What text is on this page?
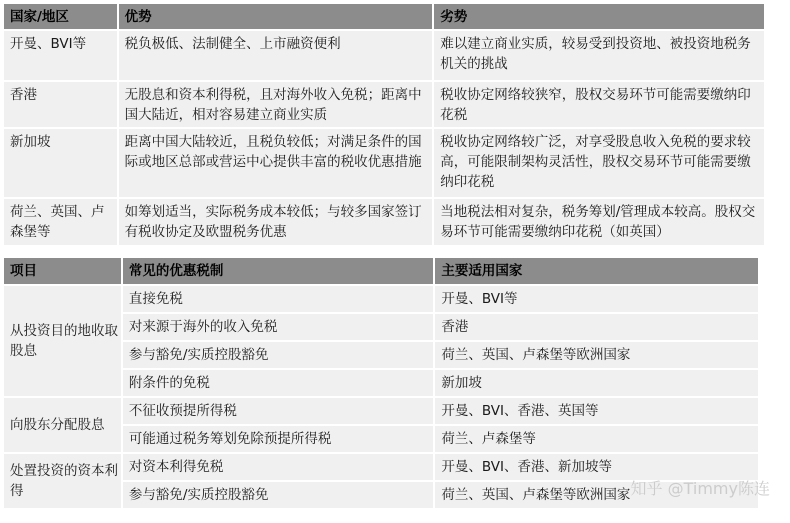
国家/地区	优势	劣势
开曼、BVI等	税负极低、法制健全、上市融资便利	难以建立商业实质，较易受到投资地、被投资地税务机关的挑战
香港	无股息和资本利得税，且对海外收入免税；距离中国大陆近，相对容易建立商业实质	税收协定网络较狭窄，股权交易环节可能需要缴纳印花税
新加坡	距离中国大陆较近，且税负较低；对满足条件的国际或地区总部或营运中心提供丰富的税收优惠措施	税收协定网络较广泛，对享受股息收入免税的要求较高，可能限制架构灵活性，股权交易环节可能需要缴纳印花税
荷兰、英国、卢森堡等	如筹划适当，实际税务成本较低；与较多国家签订有税收协定及欧盟税务优惠	当地税法相对复杂，税务筹划/管理成本较高。股权交易环节可能需要缴纳印花税（如英国）
项目	常见的优惠税制	主要适用国家
从投资目的地收取股息	直接免税	开曼、BVI等
	对来源于海外的收入免税	香港
	参与豁免/实质控股豁免	荷兰、英国、卢森堡等欧洲国家
	附条件的免税	新加坡
向股东分配股息	不征收预提所得税	开曼、BVI、香港、英国等
	可能通过税务筹划免除预提所得税	荷兰、卢森堡等
处置投资的资本利得	对资本利得免税	开曼、BVI、香港、新加坡等
	参与豁免/实质控股豁免	荷兰、英国、卢森堡等欧洲国家 知乎 @Timmy陈连
